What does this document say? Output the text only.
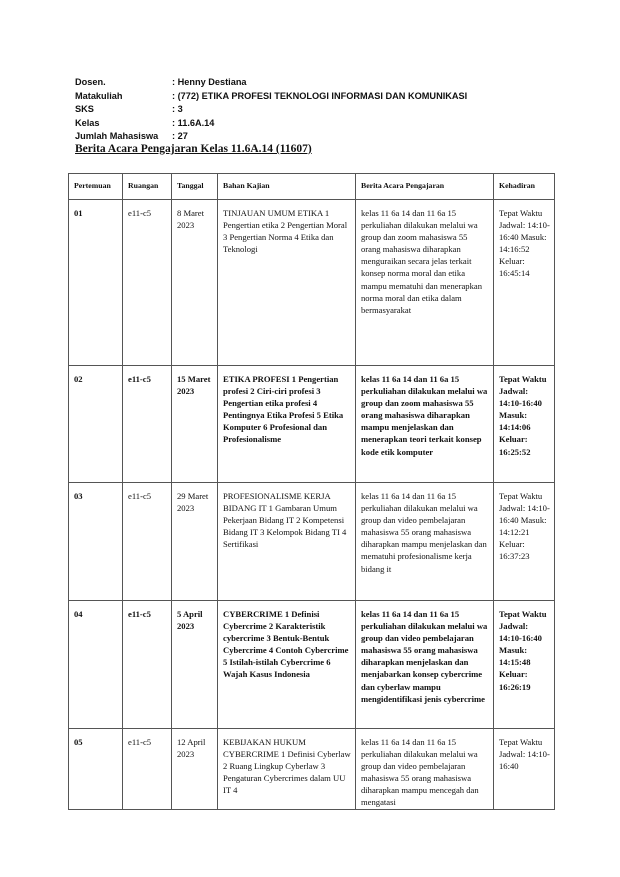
Dosen.	: Henny Destiana
Matakuliah	: (772) ETIKA PROFESI TEKNOLOGI INFORMASI DAN KOMUNIKASI
SKS	: 3
Kelas	: 11.6A.14
Jumlah Mahasiswa	: 27
Berita Acara Pengajaran Kelas 11.6A.14 (11607)
Pertemuan	Ruangan	Tanggal	Bahan Kajian	Berita Acara Pengajaran	Kehadiran
01	e11-c5	8 Maret 2023	TINJAUAN UMUM ETIKA 1 Pengertian etika 2 Pengertian Moral 3 Pengertian Norma 4 Etika dan Teknologi	kelas 11 6a 14 dan 11 6a 15 perkuliahan dilakukan melalui wa group dan zoom mahasiswa 55 orang mahasiswa diharapkan menguraikan secara jelas terkait konsep norma moral dan etika mampu mematuhi dan menerapkan norma moral dan etika dalam bermasyarakat	Tepat Waktu Jadwal: 14:10-16:40 Masuk: 14:16:52 Keluar: 16:45:14
02	e11-c5	15 Maret 2023	ETIKA PROFESI 1 Pengertian profesi 2 Ciri-ciri profesi 3 Pengertian etika profesi 4 Pentingnya Etika Profesi 5 Etika Komputer 6 Profesional dan Profesionalisme	kelas 11 6a 14 dan 11 6a 15 perkuliahan dilakukan melalui wa group dan zoom mahasiswa 55 orang mahasiswa diharapkan mampu menjelaskan dan menerapkan teori terkait konsep kode etik komputer	Tepat Waktu Jadwal: 14:10-16:40 Masuk: 14:14:06 Keluar: 16:25:52
03	e11-c5	29 Maret 2023	PROFESIONALISME KERJA BIDANG IT 1 Gambaran Umum Pekerjaan Bidang IT 2 Kompetensi Bidang IT 3 Kelompok Bidang TI 4 Sertifikasi	kelas 11 6a 14 dan 11 6a 15 perkuliahan dilakukan melalui wa group dan video pembelajaran mahasiswa 55 orang mahasiswa diharapkan mampu menjelaskan dan mematuhi profesionalisme kerja bidang it	Tepat Waktu Jadwal: 14:10-16:40 Masuk: 14:12:21 Keluar: 16:37:23
04	e11-c5	5 April 2023	CYBERCRIME 1 Definisi Cybercrime 2 Karakteristik cybercrime 3 Bentuk-Bentuk Cybercrime 4 Contoh Cybercrime 5 Istilah-istilah Cybercrime 6 Wajah Kasus Indonesia	kelas 11 6a 14 dan 11 6a 15 perkuliahan dilakukan melalui wa group dan video pembelajaran mahasiswa 55 orang mahasiswa diharapkan menjelaskan dan menjabarkan konsep cybercrime dan cyberlaw mampu mengidentifikasi jenis cybercrime	Tepat Waktu Jadwal: 14:10-16:40 Masuk: 14:15:48 Keluar: 16:26:19
05	e11-c5	12 April 2023	KEBIJAKAN HUKUM CYBERCRIME 1 Definisi Cyberlaw 2 Ruang Lingkup Cyberlaw 3 Pengaturan Cybercrimes dalam UU IT 4	kelas 11 6a 14 dan 11 6a 15 perkuliahan dilakukan melalui wa group dan video pembelajaran mahasiswa 55 orang mahasiswa diharapkan mampu mencegah dan mengatasi	Tepat Waktu Jadwal: 14:10-16:40
